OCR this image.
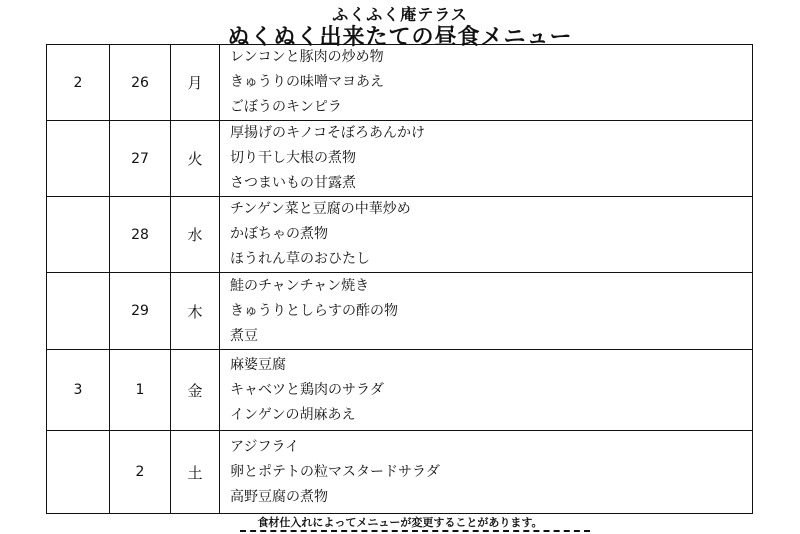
ふくふく庵テラス
ぬくぬく出来たての昼食メニュー
2	26	月	レンコンと豚肉の炒め物
きゅうりの味噌マヨあえ
ごぼうのキンピラ

	27	火	厚揚げのキノコそぼろあんかけ
切り干し大根の煮物
さつまいもの甘露煮

	28	水	チンゲン菜と豆腐の中華炒め
かぼちゃの煮物
ほうれん草のおひたし

	29	木	鮭のチャンチャン焼き
きゅうりとしらすの酢の物
煮豆

3	1	金	麻婆豆腐
キャベツと鶏肉のサラダ
インゲンの胡麻あえ

	2	土	アジフライ
卵とポテトの粒マスタードサラダ
高野豆腐の煮物
食材仕入れによってメニューが変更することがあります。
